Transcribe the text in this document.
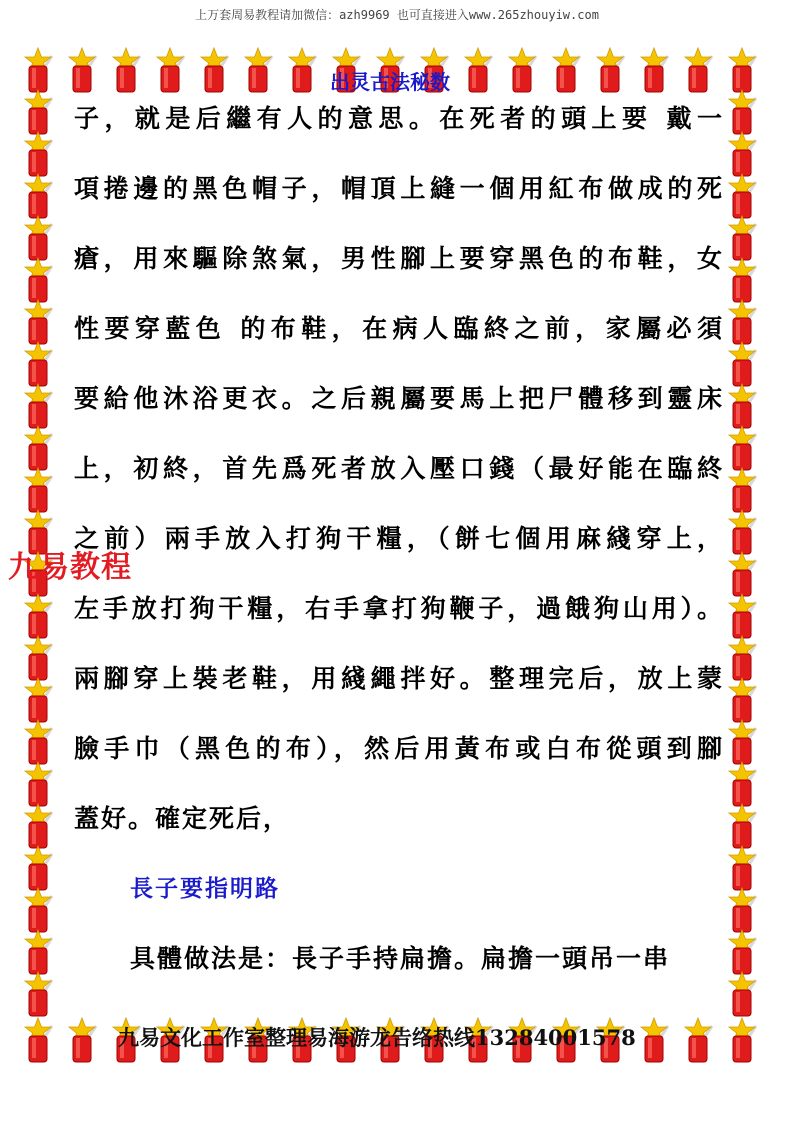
上万套周易教程请加微信：azh9969 也可直接进入www.265zhouyiw.com
九易教程
出灵古法秘数
子，就是后繼有人的意思。在死者的頭上要 戴一
項捲邊的黑色帽子，帽頂上縫一個用紅布做成的死
瘡，用來驅除煞氣，男性腳上要穿黑色的布鞋，女
性要穿藍色 的布鞋，在病人臨終之前，家屬必須
要給他沐浴更衣。之后親屬要馬上把尸體移到靈床
上，初終，首先爲死者放入壓口錢（最好能在臨終
之前）兩手放入打狗干糧，（餅七個用麻綫穿上，
左手放打狗干糧，右手拿打狗鞭子，過餓狗山用）。
兩腳穿上裝老鞋，用綫繩拌好。整理完后，放上蒙
臉手巾（黑色的布），然后用黃布或白布從頭到腳
蓋好。確定死后，
長子要指明路
具體做法是：長子手持扁擔。扁擔一頭吊一串
九易文化工作室整理易海游龙告络热线13284001578
